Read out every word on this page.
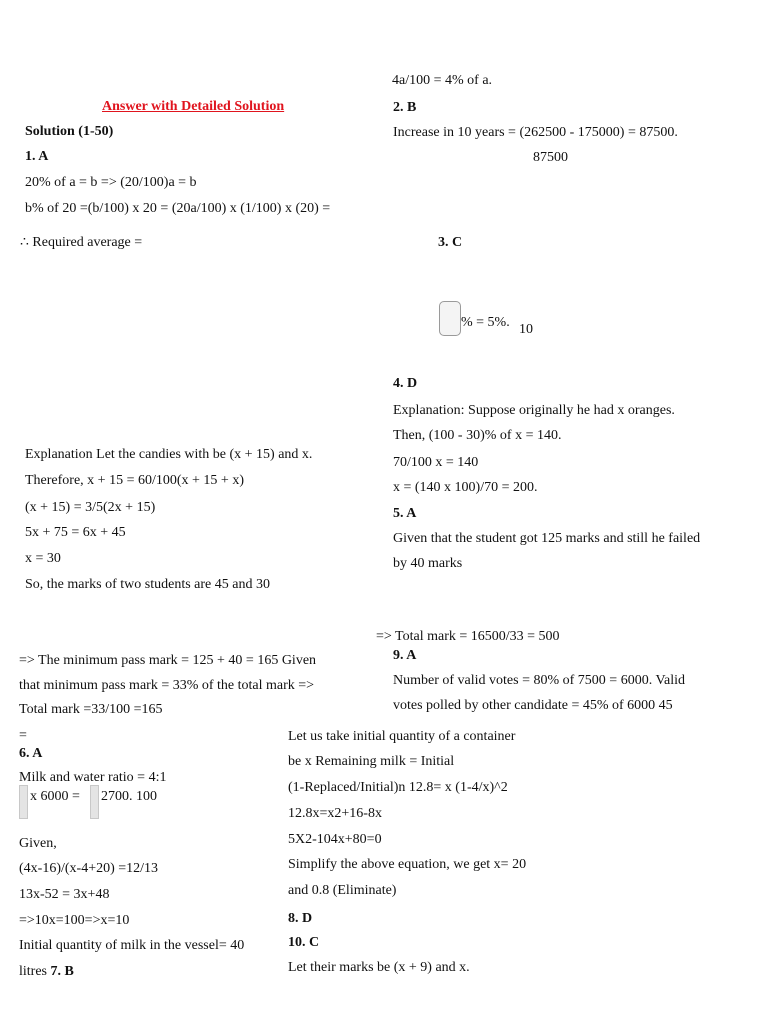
Answer with Detailed Solution
4a/100 = 4% of a.
2. B
Increase in 10 years = (262500 - 175000) = 87500.
87500
3. C
% = 5%. 10
4. D
Explanation: Suppose originally he had x oranges.
Then, (100 - 30)% of x = 140.
70/100 x = 140
x = (140 x 100)/70 = 200.
5. A
Given that the student got 125 marks and still he failed
by 40 marks
=> Total mark = 16500/33 = 500
9. A
Number of valid votes = 80% of 7500 = 6000. Valid
votes polled by other candidate = 45% of 6000 45
Solution (1-50)
1. A
20% of a = b => (20/100)a = b
b% of 20 =(b/100) x 20 = (20a/100) x (1/100) x (20) =
∴ Required average =
Explanation Let the candies with be (x + 15) and x.
Therefore, x + 15 = 60/100(x + 15 + x)
(x + 15) = 3/5(2x + 15)
5x + 75 = 6x + 45
x = 30
So, the marks of two students are 45 and 30
=> The minimum pass mark = 125 + 40 = 165 Given
that minimum pass mark = 33% of the total mark =>
Total mark =33/100 =165
=
6. A
Milk and water ratio = 4:1
x 6000 = 2700. 100
Given,
(4x-16)/(x-4+20) =12/13
13x-52 = 3x+48
=>10x=100=>x=10
Initial quantity of milk in the vessel= 40
litres 7. B
Let us take initial quantity of a container
be x Remaining milk = Initial
(1-Replaced/Initial)n 12.8= x (1-4/x)^2
12.8x=x2+16-8x
5X2-104x+80=0
Simplify the above equation, we get x= 20
and 0.8 (Eliminate)
8. D
10. C
Let their marks be (x + 9) and x.
